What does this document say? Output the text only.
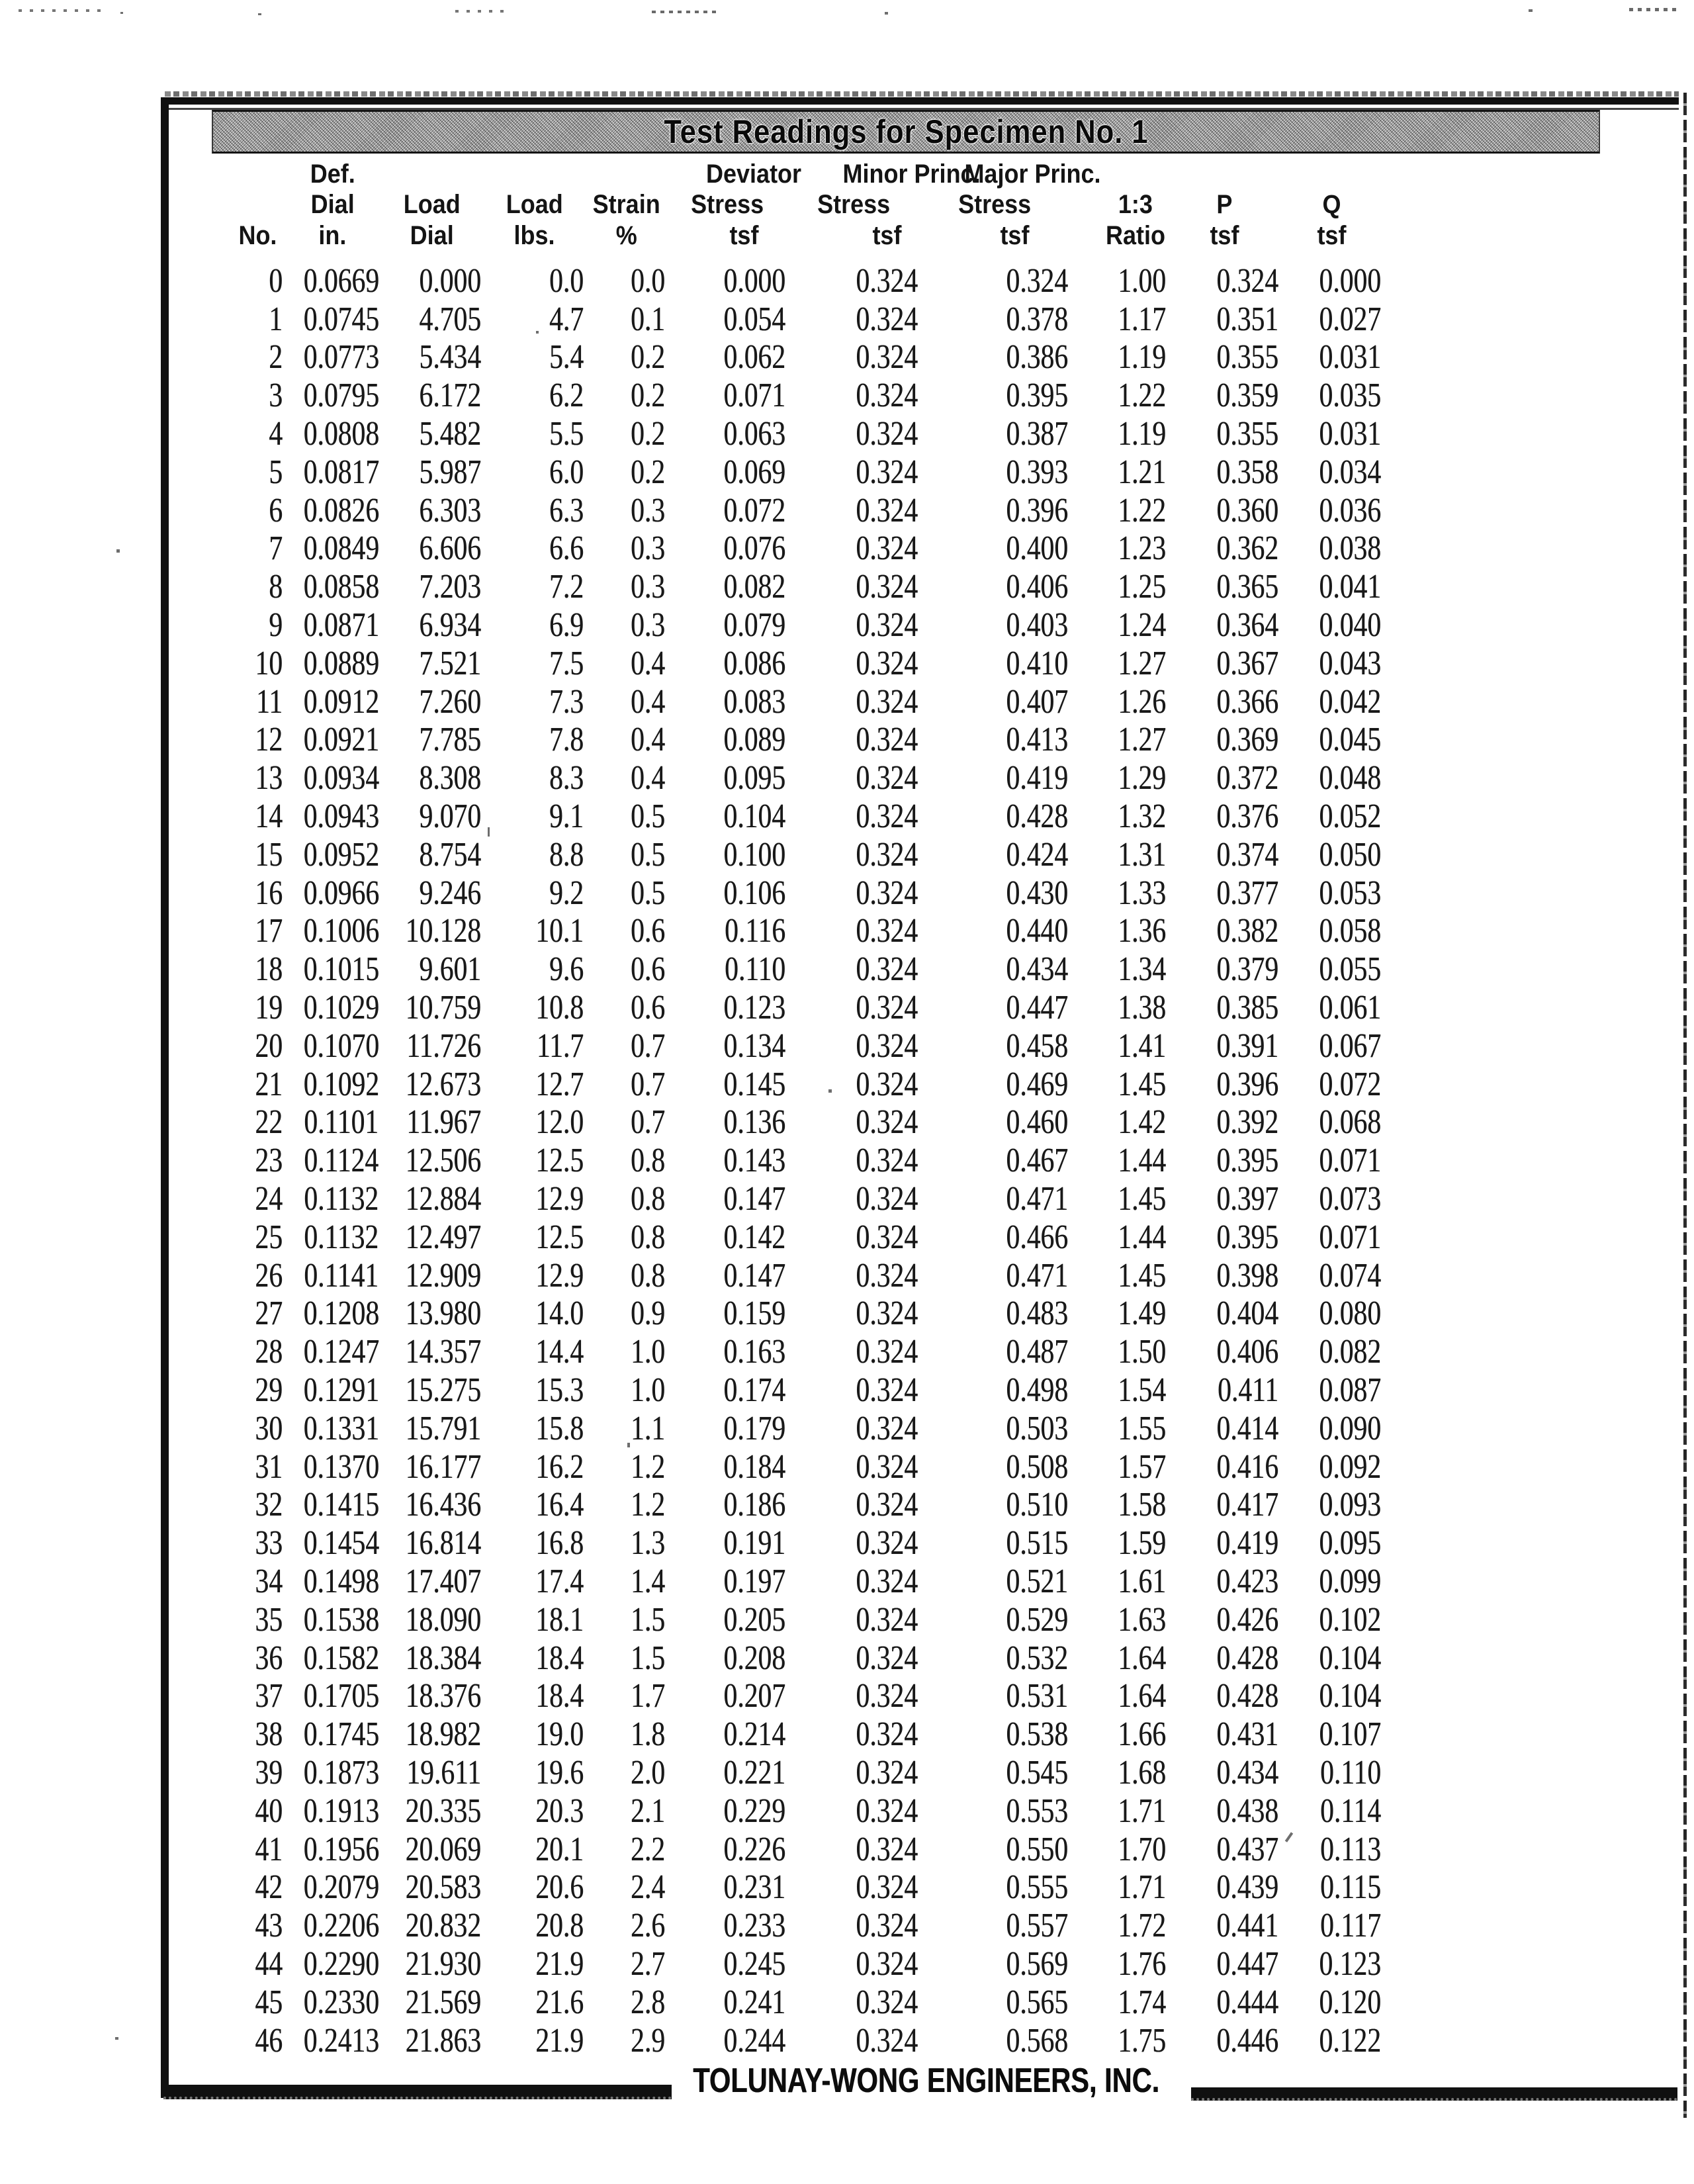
Test Readings for Specimen No. 1
	Def.				Deviator	Minor Princ.	Major Princ.			
	Dial	Load	Load	Strain	Stress	Stress	Stress	1:3	P	Q
No.	in.	Dial	lbs.	%	tsf	tsf	tsf	Ratio	tsf	tsf
0	0.0669	0.000	0.0	0.0	0.000	0.324	0.324	1.00	0.324	0.000
1	0.0745	4.705	4.7	0.1	0.054	0.324	0.378	1.17	0.351	0.027
2	0.0773	5.434	5.4	0.2	0.062	0.324	0.386	1.19	0.355	0.031
3	0.0795	6.172	6.2	0.2	0.071	0.324	0.395	1.22	0.359	0.035
4	0.0808	5.482	5.5	0.2	0.063	0.324	0.387	1.19	0.355	0.031
5	0.0817	5.987	6.0	0.2	0.069	0.324	0.393	1.21	0.358	0.034
6	0.0826	6.303	6.3	0.3	0.072	0.324	0.396	1.22	0.360	0.036
7	0.0849	6.606	6.6	0.3	0.076	0.324	0.400	1.23	0.362	0.038
8	0.0858	7.203	7.2	0.3	0.082	0.324	0.406	1.25	0.365	0.041
9	0.0871	6.934	6.9	0.3	0.079	0.324	0.403	1.24	0.364	0.040
10	0.0889	7.521	7.5	0.4	0.086	0.324	0.410	1.27	0.367	0.043
11	0.0912	7.260	7.3	0.4	0.083	0.324	0.407	1.26	0.366	0.042
12	0.0921	7.785	7.8	0.4	0.089	0.324	0.413	1.27	0.369	0.045
13	0.0934	8.308	8.3	0.4	0.095	0.324	0.419	1.29	0.372	0.048
14	0.0943	9.070	9.1	0.5	0.104	0.324	0.428	1.32	0.376	0.052
15	0.0952	8.754	8.8	0.5	0.100	0.324	0.424	1.31	0.374	0.050
16	0.0966	9.246	9.2	0.5	0.106	0.324	0.430	1.33	0.377	0.053
17	0.1006	10.128	10.1	0.6	0.116	0.324	0.440	1.36	0.382	0.058
18	0.1015	9.601	9.6	0.6	0.110	0.324	0.434	1.34	0.379	0.055
19	0.1029	10.759	10.8	0.6	0.123	0.324	0.447	1.38	0.385	0.061
20	0.1070	11.726	11.7	0.7	0.134	0.324	0.458	1.41	0.391	0.067
21	0.1092	12.673	12.7	0.7	0.145	0.324	0.469	1.45	0.396	0.072
22	0.1101	11.967	12.0	0.7	0.136	0.324	0.460	1.42	0.392	0.068
23	0.1124	12.506	12.5	0.8	0.143	0.324	0.467	1.44	0.395	0.071
24	0.1132	12.884	12.9	0.8	0.147	0.324	0.471	1.45	0.397	0.073
25	0.1132	12.497	12.5	0.8	0.142	0.324	0.466	1.44	0.395	0.071
26	0.1141	12.909	12.9	0.8	0.147	0.324	0.471	1.45	0.398	0.074
27	0.1208	13.980	14.0	0.9	0.159	0.324	0.483	1.49	0.404	0.080
28	0.1247	14.357	14.4	1.0	0.163	0.324	0.487	1.50	0.406	0.082
29	0.1291	15.275	15.3	1.0	0.174	0.324	0.498	1.54	0.411	0.087
30	0.1331	15.791	15.8	1.1	0.179	0.324	0.503	1.55	0.414	0.090
31	0.1370	16.177	16.2	1.2	0.184	0.324	0.508	1.57	0.416	0.092
32	0.1415	16.436	16.4	1.2	0.186	0.324	0.510	1.58	0.417	0.093
33	0.1454	16.814	16.8	1.3	0.191	0.324	0.515	1.59	0.419	0.095
34	0.1498	17.407	17.4	1.4	0.197	0.324	0.521	1.61	0.423	0.099
35	0.1538	18.090	18.1	1.5	0.205	0.324	0.529	1.63	0.426	0.102
36	0.1582	18.384	18.4	1.5	0.208	0.324	0.532	1.64	0.428	0.104
37	0.1705	18.376	18.4	1.7	0.207	0.324	0.531	1.64	0.428	0.104
38	0.1745	18.982	19.0	1.8	0.214	0.324	0.538	1.66	0.431	0.107
39	0.1873	19.611	19.6	2.0	0.221	0.324	0.545	1.68	0.434	0.110
40	0.1913	20.335	20.3	2.1	0.229	0.324	0.553	1.71	0.438	0.114
41	0.1956	20.069	20.1	2.2	0.226	0.324	0.550	1.70	0.437	0.113
42	0.2079	20.583	20.6	2.4	0.231	0.324	0.555	1.71	0.439	0.115
43	0.2206	20.832	20.8	2.6	0.233	0.324	0.557	1.72	0.441	0.117
44	0.2290	21.930	21.9	2.7	0.245	0.324	0.569	1.76	0.447	0.123
45	0.2330	21.569	21.6	2.8	0.241	0.324	0.565	1.74	0.444	0.120
46	0.2413	21.863	21.9	2.9	0.244	0.324	0.568	1.75	0.446	0.122
TOLUNAY-WONG ENGINEERS, INC.
